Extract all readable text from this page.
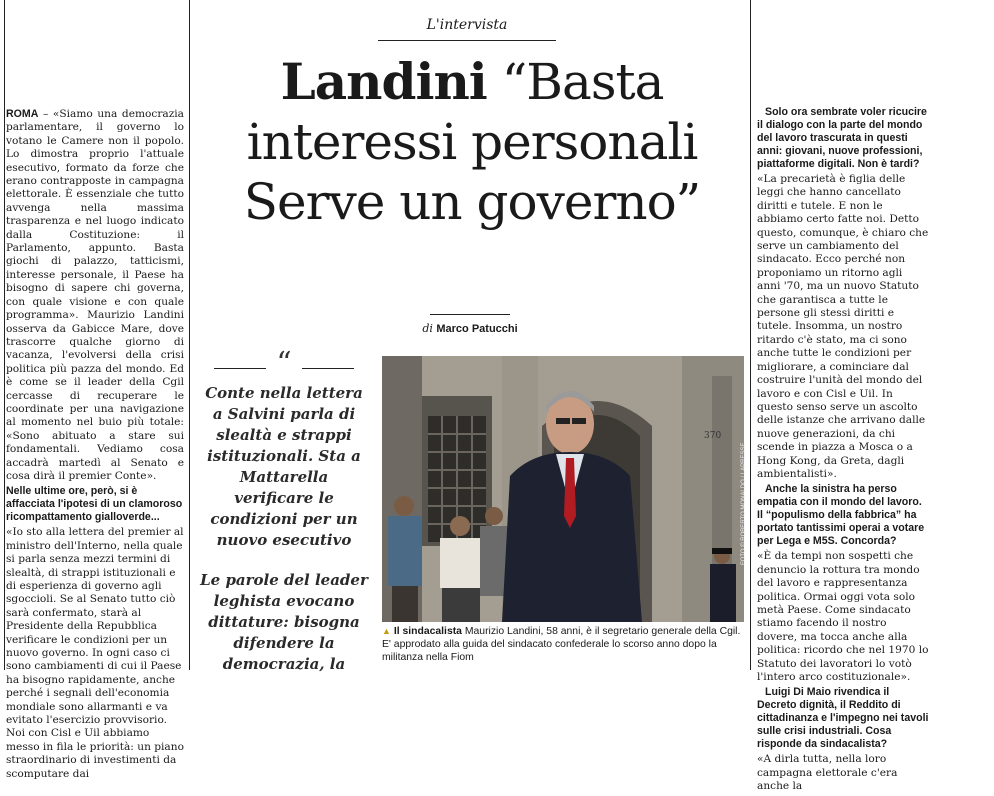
L'intervista
Landini “Basta
interessi personali
Serve un governo”
di Marco Patucchi

ROMA – «Siamo una democrazia parlamentare, il governo lo votano le Camere non il popolo. Lo dimostra proprio l'attuale esecutivo, formato da forze che erano contrapposte in campagna elettorale. È essenziale che tutto avvenga nella massima trasparenza e nel luogo indicato dalla Costituzione: il Parlamento, appunto. Basta giochi di palazzo, tatticismi, interesse personale, il Paese ha bisogno di sapere chi governa, con quale visione e con quale programma». Maurizio Landini osserva da Gabicce Mare, dove trascorre qualche giorno di vacanza, l'evolversi della crisi politica più pazza del mondo. Ed è come se il leader della Cgil cercasse di recuperare le coordinate per una navigazione al momento nel buio più totale: «Sono abituato a stare sui fondamentali. Vediamo cosa accadrà martedì al Senato e cosa dirà il premier Conte».

Nelle ultime ore, però, si è affacciata l'ipotesi di un clamoroso ricompattamento gialloverde...

«Io sto alla lettera del premier al ministro dell'Interno, nella quale si parla senza mezzi termini di slealtà, di strappi istituzionali e di esperienza di governo agli sgoccioli. Se al Senato tutto ciò sarà confermato, starà al Presidente della Repubblica verificare le condizioni per un nuovo governo. In ogni caso ci sono cambiamenti di cui il Paese ha bisogno rapidamente, anche perché i segnali dell'economia mondiale sono allarmanti e va evitato l'esercizio provvisorio. Noi con Cisl e Uil abbiamo messo in fila le priorità: un piano straordinario di investimenti da scomputare dai

“
Conte nella lettera a Salvini parla di slealtà e strappi istituzionali. Sta a Mattarella verificare le condizioni per un nuovo esecutivo
Le parole del leader leghista evocano dittature: bisogna difendere la democrazia, la
370
FOTO © ROBERTO MONALDO / LAPRESSE
▲ Il sindacalista Maurizio Landini, 58 anni, è il segretario generale della Cgil. E' approdato alla guida del sindacato confederale lo scorso anno dopo la militanza nella Fiom

Solo ora sembrate voler ricucire il dialogo con la parte del mondo del lavoro trascurata in questi anni: giovani, nuove professioni, piattaforme digitali. Non è tardi?

«La precarietà è figlia delle leggi che hanno cancellato diritti e tutele. E non le abbiamo certo fatte noi. Detto questo, comunque, è chiaro che serve un cambiamento del sindacato. Ecco perché non proponiamo un ritorno agli anni '70, ma un nuovo Statuto che garantisca a tutte le persone gli stessi diritti e tutele. Insomma, un nostro ritardo c'è stato, ma ci sono anche tutte le condizioni per migliorare, a cominciare dal costruire l'unità del mondo del lavoro e con Cisl e Uil. In questo senso serve un ascolto delle istanze che arrivano dalle nuove generazioni, da chi scende in piazza a Mosca o a Hong Kong, da Greta, dagli ambientalisti».

Anche la sinistra ha perso empatia con il mondo del lavoro. Il “populismo della fabbrica” ha portato tantissimi operai a votare per Lega e M5S. Concorda?

«È da tempi non sospetti che denuncio la rottura tra mondo del lavoro e rappresentanza politica. Ormai oggi vota solo metà Paese. Come sindacato stiamo facendo il nostro dovere, ma tocca anche alla politica: ricordo che nel 1970 lo Statuto dei lavoratori lo votò l'intero arco costituzionale».

Luigi Di Maio rivendica il Decreto dignità, il Reddito di cittadinanza e l'impegno nei tavoli sulle crisi industriali. Cosa risponde da sindacalista?

«A dirla tutta, nella loro campagna elettorale c'era anche la
